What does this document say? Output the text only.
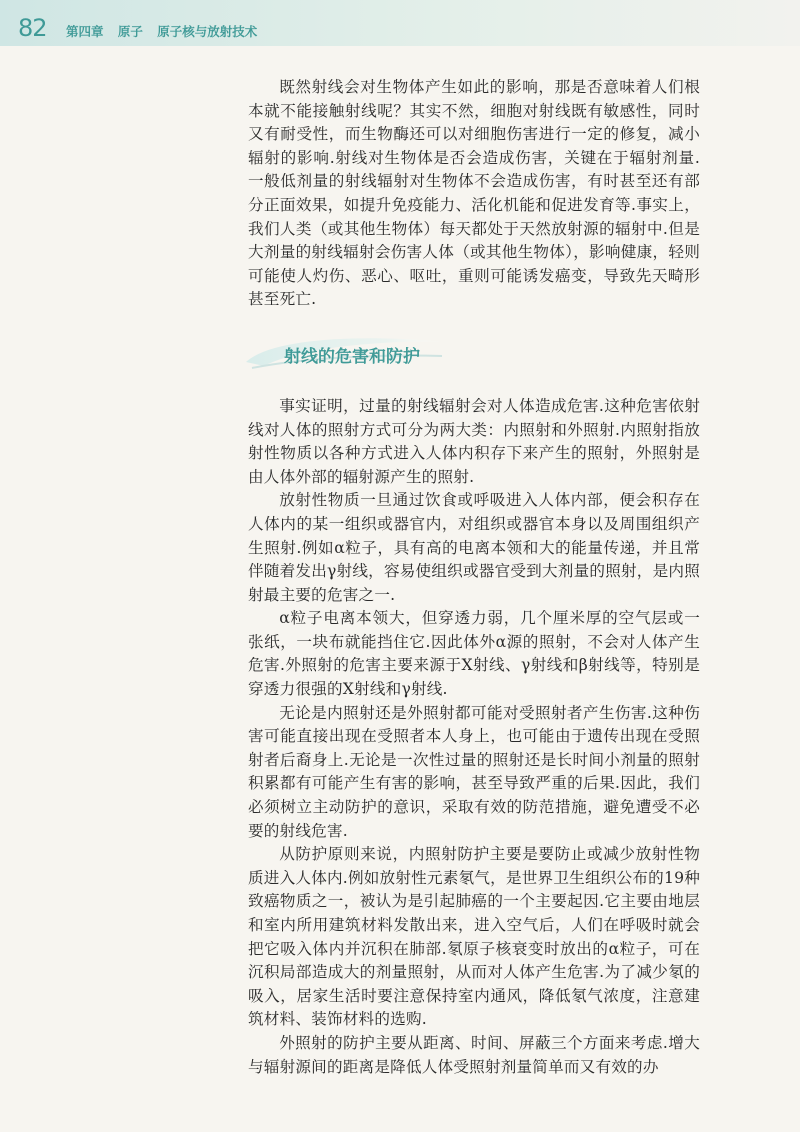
82 第四章 原子 原子核与放射技术

既然射线会对生物体产生如此的影响，那是否意味着人们根本就不能接触射线呢？其实不然，细胞对射线既有敏感性，同时又有耐受性，而生物酶还可以对细胞伤害进行一定的修复，减小辐射的影响.射线对生物体是否会造成伤害，关键在于辐射剂量.一般低剂量的射线辐射对生物体不会造成伤害，有时甚至还有部分正面效果，如提升免疫能力、活化机能和促进发育等.事实上，我们人类（或其他生物体）每天都处于天然放射源的辐射中.但是大剂量的射线辐射会伤害人体（或其他生物体），影响健康，轻则可能使人灼伤、恶心、呕吐，重则可能诱发癌变，导致先天畸形甚至死亡.

射线的危害和防护

事实证明，过量的射线辐射会对人体造成危害.这种危害依射线对人体的照射方式可分为两大类：内照射和外照射.内照射指放射性物质以各种方式进入人体内积存下来产生的照射，外照射是由人体外部的辐射源产生的照射.

放射性物质一旦通过饮食或呼吸进入人体内部，便会积存在人体内的某一组织或器官内，对组织或器官本身以及周围组织产生照射.例如α粒子，具有高的电离本领和大的能量传递，并且常伴随着发出γ射线，容易使组织或器官受到大剂量的照射，是内照射最主要的危害之一.

α粒子电离本领大，但穿透力弱，几个厘米厚的空气层或一张纸，一块布就能挡住它.因此体外α源的照射，不会对人体产生危害.外照射的危害主要来源于X射线、γ射线和β射线等，特别是穿透力很强的X射线和γ射线.

无论是内照射还是外照射都可能对受照射者产生伤害.这种伤害可能直接出现在受照者本人身上，也可能由于遗传出现在受照射者后裔身上.无论是一次性过量的照射还是长时间小剂量的照射积累都有可能产生有害的影响，甚至导致严重的后果.因此，我们必须树立主动防护的意识，采取有效的防范措施，避免遭受不必要的射线危害.

从防护原则来说，内照射防护主要是要防止或减少放射性物质进入人体内.例如放射性元素氡气，是世界卫生组织公布的19种致癌物质之一，被认为是引起肺癌的一个主要起因.它主要由地层和室内所用建筑材料发散出来，进入空气后，人们在呼吸时就会把它吸入体内并沉积在肺部.氡原子核衰变时放出的α粒子，可在沉积局部造成大的剂量照射，从而对人体产生危害.为了减少氡的吸入，居家生活时要注意保持室内通风，降低氡气浓度，注意建筑材料、装饰材料的选购.

外照射的防护主要从距离、时间、屏蔽三个方面来考虑.增大与辐射源间的距离是降低人体受照射剂量简单而又有效的办
